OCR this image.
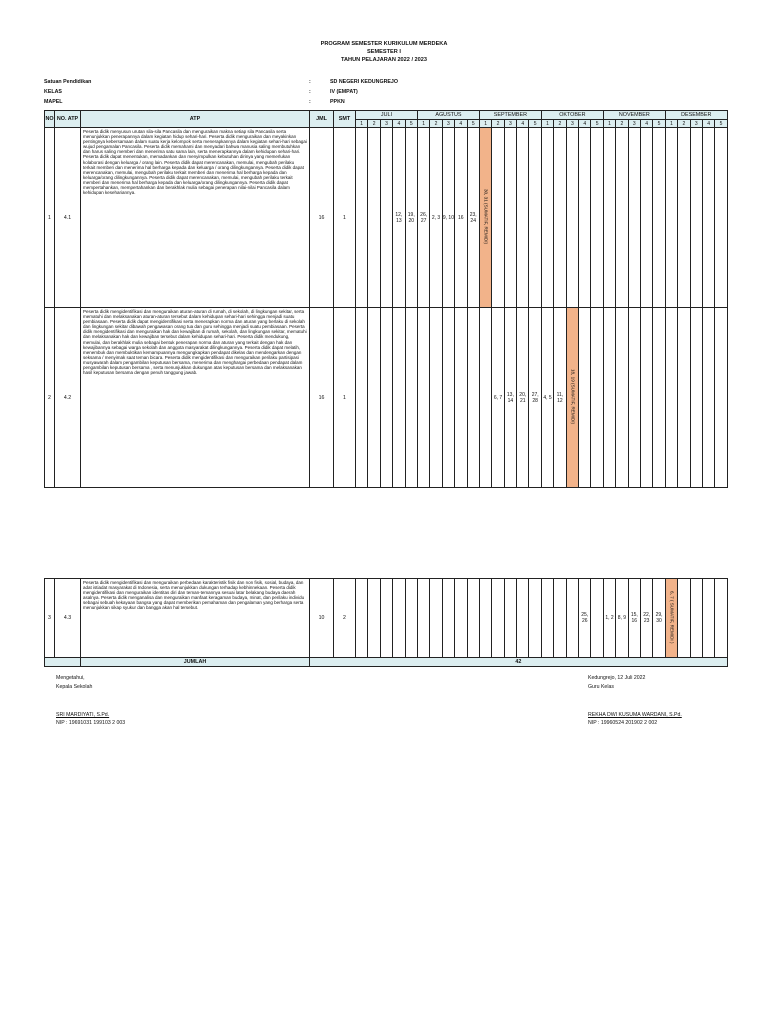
PROGRAM SEMESTER KURIKULUM MERDEKA
SEMESTER I
TAHUN PELAJARAN 2022 / 2023
Satuan Pendidikan	:	SD NEGERI KEDUNGREJO
KELAS	:	IV (EMPAT)
MAPEL	:	PPKN
NO	NO. ATP	ATP	JML	SMT	JULI					AGUSTUS					SEPTEMBER					OKTOBER					NOVEMBER					DESEMBER				
					1	2	3	4	5	1	2	3	4	5	1	2	3	4	5	1	2	3	4	5	1	2	3	4	5	1	2	3	4	5
1	4.1	Peserta didik menyusun urutan sila-sila Pancasila dan menguraikan makna setiap sila Pancasila serta menunjukkan penerapannya dalam kegiatan hidup sehari-hari. Peserta didik menguraikan dan meyakinkan pentingnya kebersamaan dalam suatu kerja kelompok serta menerapkannya dalam kegiatan sehari-hari sebagai wujud pengamalan Pancasila. Peserta didik memahami dan menyadari bahwa manusia saling membutuhkan dan harus saling memberi dan menerima satu sama lain, serta menerapkannya dalam kehidupan sehari-hari. Peserta didik dapat menentukan, memadankan dan menyimpulkan kebutuhan dirinya yang memerlukan kolaborasi dengan keluarga / orang lain. Peserta didik dapat merencanakan, memulai, mengubah perilaku terkait memberi dan menerima hal berharga kepada dan keluarga / orang dilingkungannya. Peserta didik dapat merencanakan, memulai, mengubah perilaku terkait memberi dan menerima hal berharga kepada dan keluarga/orang dilingkungannya. Peserta didik dapat merencanakan, memulai, mengubah perilaku terkait memberi dan menerima hal berharga kepada dan keluarga/orang dilingkungannya. Peserta didik dapat mempertahankan, mempertahankan dan berakhlak mulia sebagai penerapan nilai-nilai Pancasila dalam kehidupan kesehariannya.	16	1				12, 13	19, 20	26, 27	2, 3	9, 10	16	23, 24	30, 31 (SUMATIF, REMIDI)																			
2	4.2	Peserta didik mengidentifikasi dan menguraikan aturan-aturan di rumah, di sekolah, di lingkungan sekitar, serta mematuhi dan melaksanakan aturan-aturan tersebut dalam kehidupan sehari-hari sehingga menjadi suatu pembiasaan. Peserta didik dapat mengidentifikasi serta menerapkan norma dan aturan yang berlaku di sekolah dan lingkungan sekitar dibawah pengawasan orang tua dan guru sehingga menjadi suatu pembiasaan. Peserta didik mengidentifikasi dan menguraikan hak dan kewajiban di rumah, sekolah, dan lingkungan sekitar, mematuhi dan melaksanakan hak dan kewajiban tersebut dalam kehidupan sehari-hari. Peserta didik mendukung, memulai, dan berakhlak mulia sebagai bentuk penerapan norma dan aturan yang terkait dengan hak dan kewajibannya sebagai warga sekolah dan anggota masyarakat dilingkungannya. Peserta didik dapat melatih, menembuk dan membuktikan kemampuannya mengungkapkan pendapat dikelas dan mendengarkan dengan seksama / menyimak saat teman bicara. Peserta didik mengidentifikasi dan menguraikan perilaku partisipasi musyawarah dalam pengambilan keputusan bersama, menerima dan menghargai perbedaan pendapat dalam pengambilan keputusan bersama , serta menunjukkan dukungan atas keputusan bersama dan melaksanakan hasil keputusan bersama dengan penuh tanggung jawab.	16	1												6, 7	13, 14	20, 21	27, 28	4, 5	11, 12	18, 19 (SUMATIF, REMIDI)												
3	4.3	Peserta didik mengidentifikasi dan menguraikan perbedaan karakteristik fisik dan non fisik, sosial, budaya, dan adat istiadat masyarakat di Indonesia, serta menunjukkan dukungan terhadap kebhinnekaan. Peserta didik mengidentifikasi dan menguraikan identitas diri dan teman-temannya sesuai latar belakang budaya daerah asalnya. Peserta didik menganalisa dan menguraikan manfaat keragaman budaya, minat, dan perilaku individu sebagai sebuah kekayaan bangsa yang dapat memberikan pemahaman dan pengalaman yang berharga serta menunjukkan sikap syukur dan bangga akan hal tersebut.	10	2																			25, 26		1, 2	8, 9	15, 16	22, 23	29, 30	6, 7 ( SUMATIF, REMIDI )				
		JUMLAH	42																															
Mengetahui,
Kepala Sekolah
SRI MARDIYATI, S.Pd.
NIP : 19691031 199103 2 003
Kedungrejo, 12 Juli 2022
Guru Kelas
REKHA DWI KUSUMA WARDANI, S.Pd.
NIP : 19960524 201902 2 002
